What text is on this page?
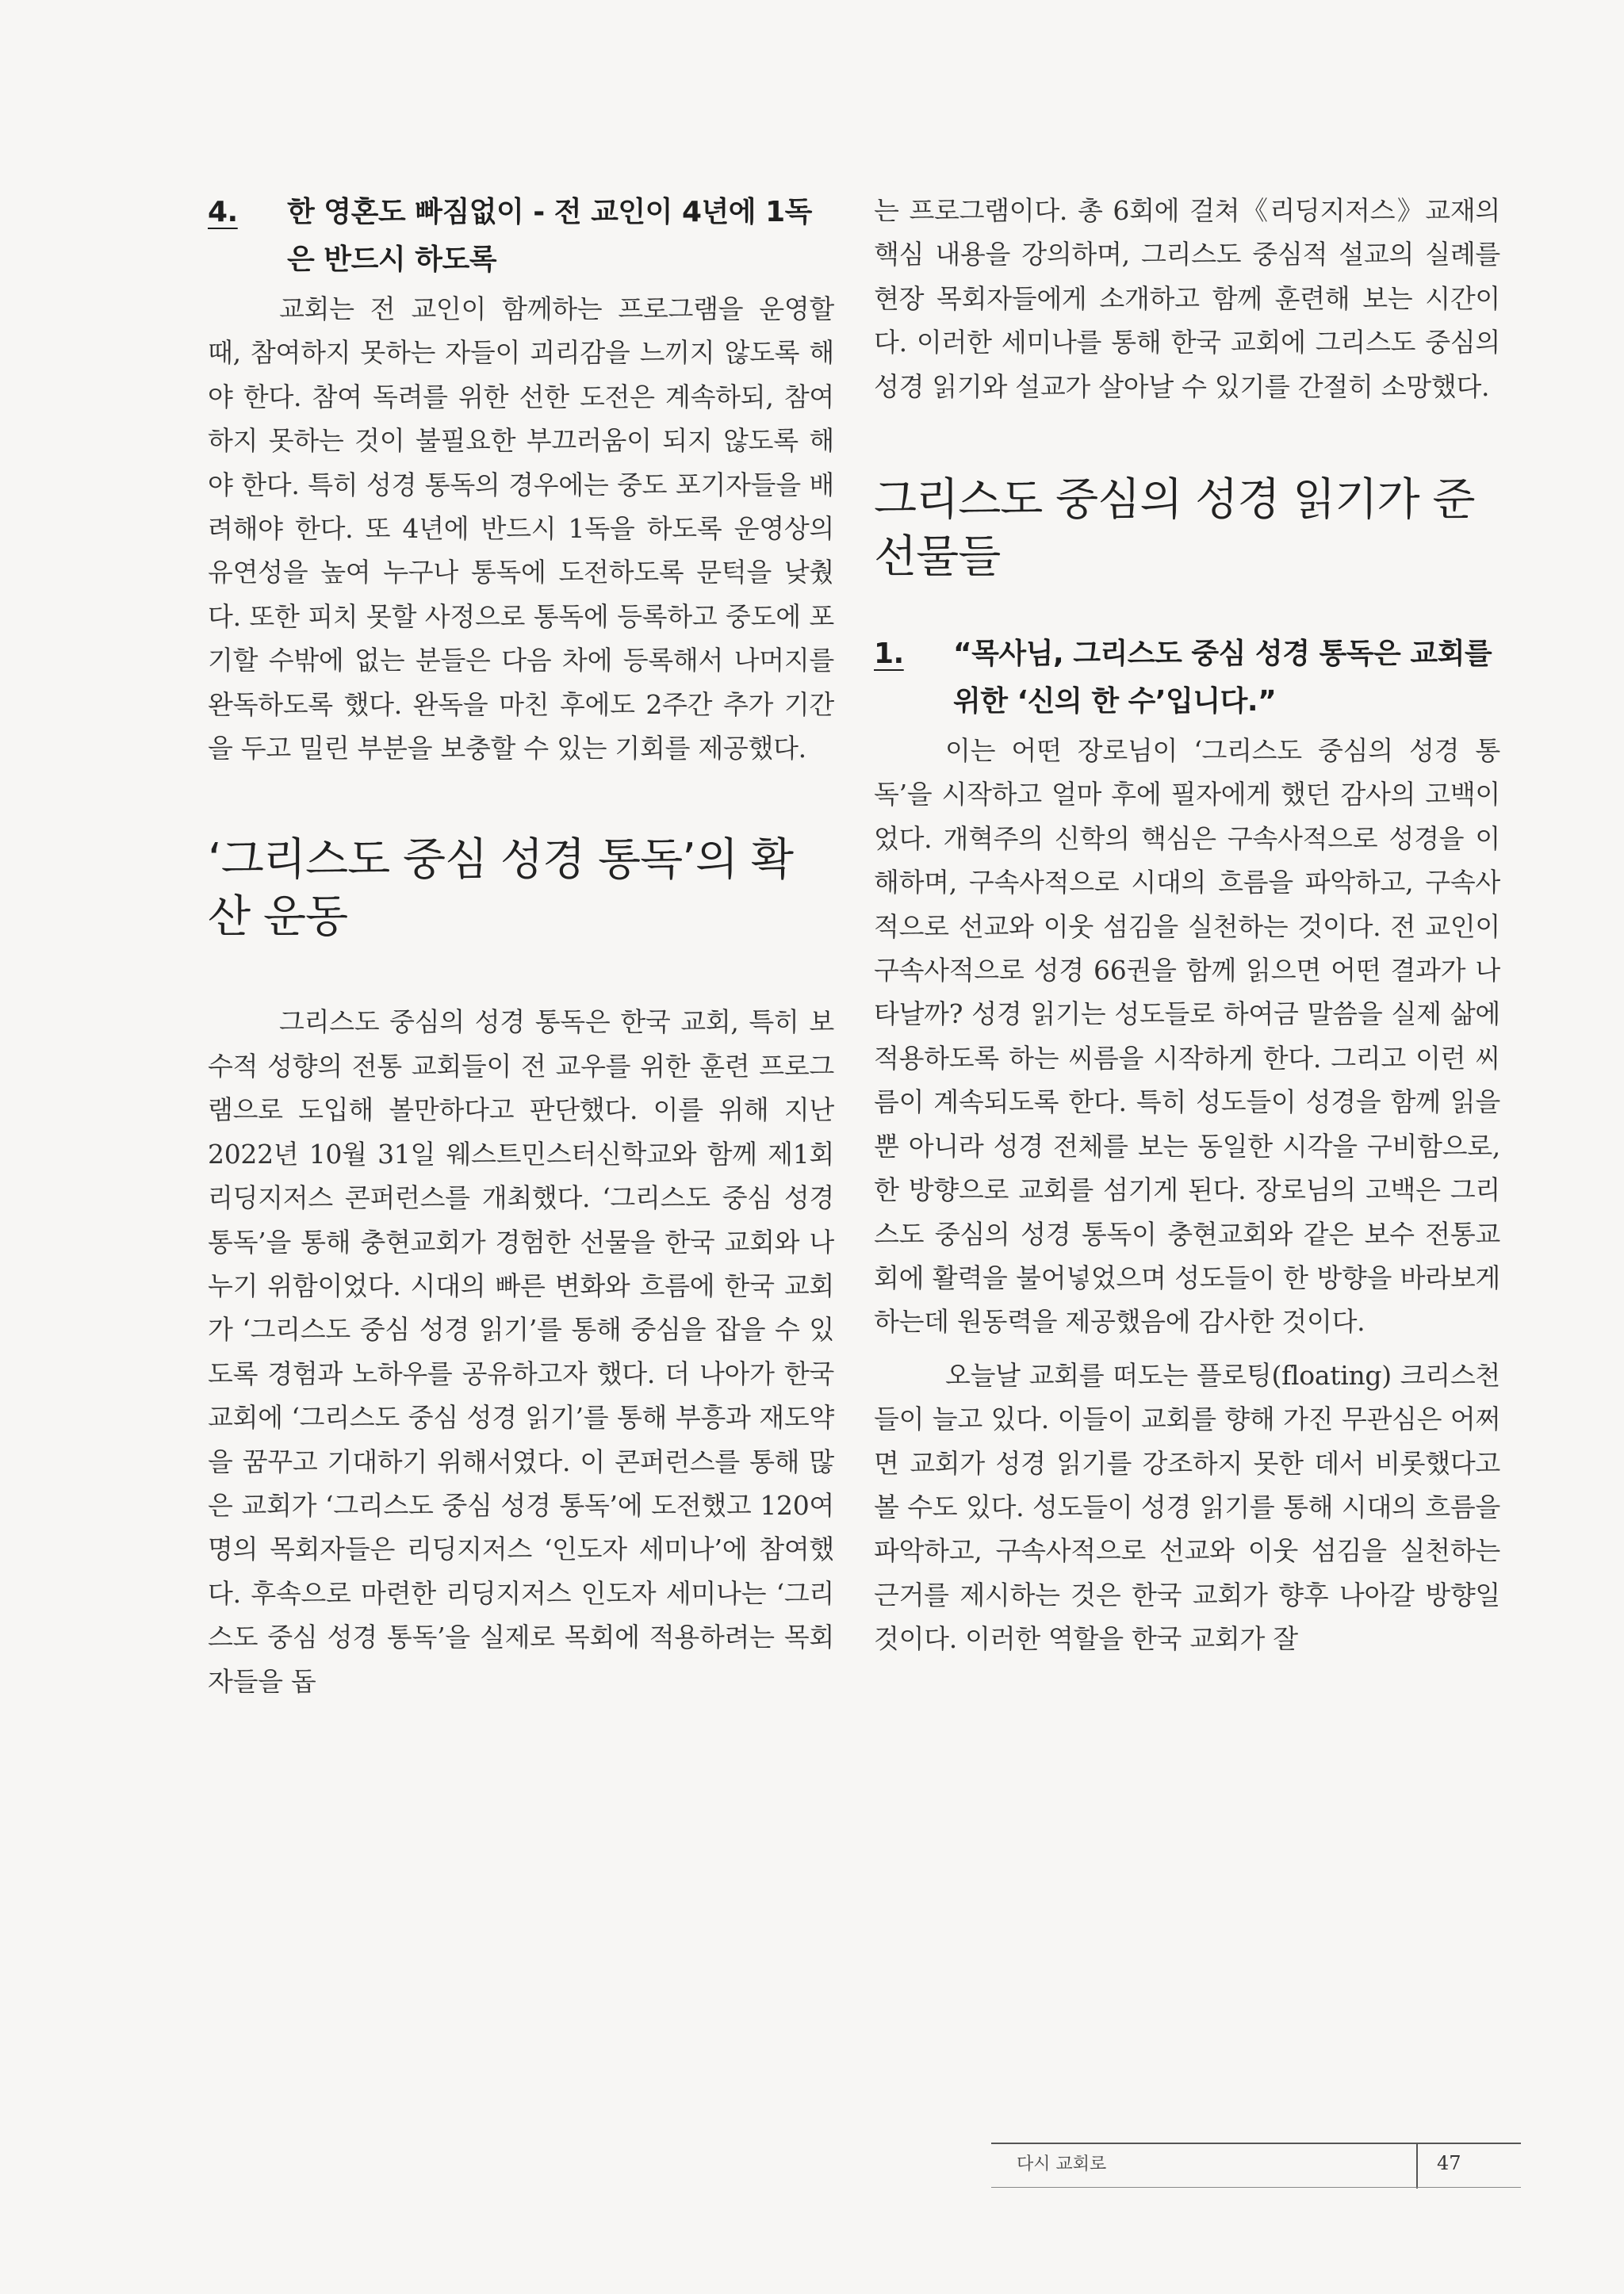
4.	한 영혼도 빠짐없이 - 전 교인이 4년에 1독은 반드시 하도록

교회는 전 교인이 함께하는 프로그램을 운영할 때, 참여하지 못하는 자들이 괴리감을 느끼지 않도록 해야 한다. 참여 독려를 위한 선한 도전은 계속하되, 참여하지 못하는 것이 불필요한 부끄러움이 되지 않도록 해야 한다. 특히 성경 통독의 경우에는 중도 포기자들을 배려해야 한다. 또 4년에 반드시 1독을 하도록 운영상의 유연성을 높여 누구나 통독에 도전하도록 문턱을 낮췄다. 또한 피치 못할 사정으로 통독에 등록하고 중도에 포기할 수밖에 없는 분들은 다음 차에 등록해서 나머지를 완독하도록 했다. 완독을 마친 후에도 2주간 추가 기간을 두고 밀린 부분을 보충할 수 있는 기회를 제공했다.

‘그리스도 중심 성경 통독’의 확산 운동

그리스도 중심의 성경 통독은 한국 교회, 특히 보수적 성향의 전통 교회들이 전 교우를 위한 훈련 프로그램으로 도입해 볼만하다고 판단했다. 이를 위해 지난 2022년 10월 31일 웨스트민스터신학교와 함께 제1회 리딩지저스 콘퍼런스를 개최했다. ‘그리스도 중심 성경 통독’을 통해 충현교회가 경험한 선물을 한국 교회와 나누기 위함이었다. 시대의 빠른 변화와 흐름에 한국 교회가 ‘그리스도 중심 성경 읽기’를 통해 중심을 잡을 수 있도록 경험과 노하우를 공유하고자 했다. 더 나아가 한국 교회에 ‘그리스도 중심 성경 읽기’를 통해 부흥과 재도약을 꿈꾸고 기대하기 위해서였다. 이 콘퍼런스를 통해 많은 교회가 ‘그리스도 중심 성경 통독’에 도전했고 120여 명의 목회자들은 리딩지저스 ‘인도자 세미나’에 참여했다. 후속으로 마련한 리딩지저스 인도자 세미나는 ‘그리스도 중심 성경 통독’을 실제로 목회에 적용하려는 목회자들을 돕

는 프로그램이다. 총 6회에 걸쳐《리딩지저스》교재의 핵심 내용을 강의하며, 그리스도 중심적 설교의 실례를 현장 목회자들에게 소개하고 함께 훈련해 보는 시간이다. 이러한 세미나를 통해 한국 교회에 그리스도 중심의 성경 읽기와 설교가 살아날 수 있기를 간절히 소망했다.

그리스도 중심의 성경 읽기가 준 선물들
1.	“목사님, 그리스도 중심 성경 통독은 교회를 위한 ‘신의 한 수’입니다.”

이는 어떤 장로님이 ‘그리스도 중심의 성경 통독’을 시작하고 얼마 후에 필자에게 했던 감사의 고백이었다. 개혁주의 신학의 핵심은 구속사적으로 성경을 이해하며, 구속사적으로 시대의 흐름을 파악하고, 구속사적으로 선교와 이웃 섬김을 실천하는 것이다. 전 교인이 구속사적으로 성경 66권을 함께 읽으면 어떤 결과가 나타날까? 성경 읽기는 성도들로 하여금 말씀을 실제 삶에 적용하도록 하는 씨름을 시작하게 한다. 그리고 이런 씨름이 계속되도록 한다. 특히 성도들이 성경을 함께 읽을 뿐 아니라 성경 전체를 보는 동일한 시각을 구비함으로, 한 방향으로 교회를 섬기게 된다. 장로님의 고백은 그리스도 중심의 성경 통독이 충현교회와 같은 보수 전통교회에 활력을 불어넣었으며 성도들이 한 방향을 바라보게 하는데 원동력을 제공했음에 감사한 것이다.

오늘날 교회를 떠도는 플로팅(floating) 크리스천들이 늘고 있다. 이들이 교회를 향해 가진 무관심은 어쩌면 교회가 성경 읽기를 강조하지 못한 데서 비롯했다고 볼 수도 있다. 성도들이 성경 읽기를 통해 시대의 흐름을 파악하고, 구속사적으로 선교와 이웃 섬김을 실천하는 근거를 제시하는 것은 한국 교회가 향후 나아갈 방향일 것이다. 이러한 역할을 한국 교회가 잘

다시 교회로	47
